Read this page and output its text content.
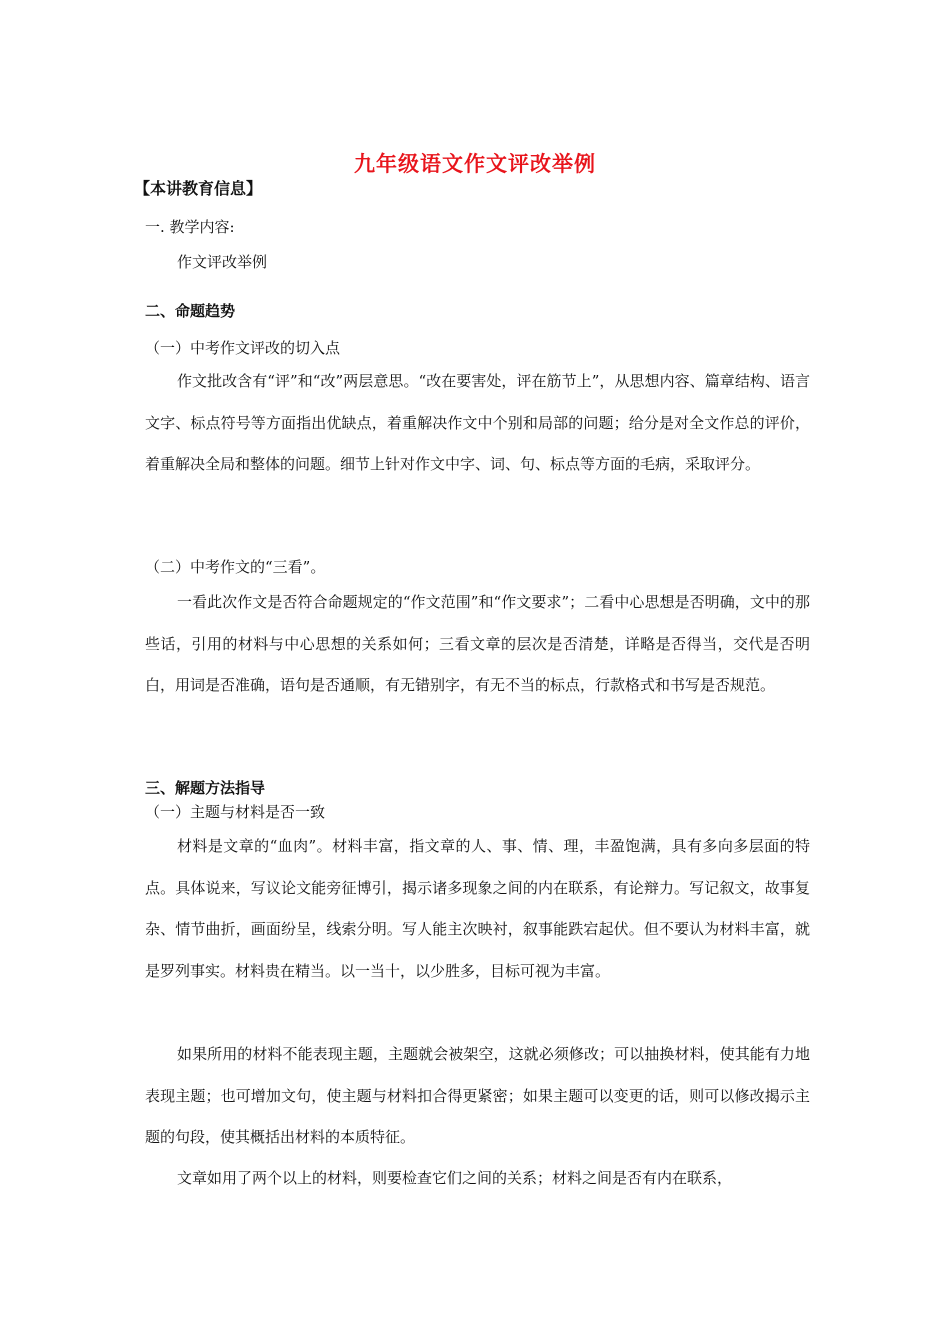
九年级语文作文评改举例
【本讲教育信息】
一. 教学内容:
作文评改举例
二、命题趋势
（一）中考作文评改的切入点
作文批改含有“评”和“改”两层意思。“改在要害处，评在筋节上”，从思想内容、篇章结构、语言文字、标点符号等方面指出优缺点，着重解决作文中个别和局部的问题；给分是对全文作总的评价，着重解决全局和整体的问题。细节上针对作文中字、词、句、标点等方面的毛病，采取评分。
（二）中考作文的“三看”。
一看此次作文是否符合命题规定的“作文范围”和“作文要求”；二看中心思想是否明确，文中的那些话，引用的材料与中心思想的关系如何；三看文章的层次是否清楚，详略是否得当，交代是否明白，用词是否准确，语句是否通顺，有无错别字，有无不当的标点，行款格式和书写是否规范。
三、解题方法指导
（一）主题与材料是否一致
材料是文章的“血肉”。材料丰富，指文章的人、事、情、理，丰盈饱满，具有多向多层面的特点。具体说来，写议论文能旁征博引，揭示诸多现象之间的内在联系，有论辩力。写记叙文，故事复杂、情节曲折，画面纷呈，线索分明。写人能主次映衬，叙事能跌宕起伏。但不要认为材料丰富，就是罗列事实。材料贵在精当。以一当十，以少胜多，目标可视为丰富。
如果所用的材料不能表现主题，主题就会被架空，这就必须修改；可以抽换材料，使其能有力地表现主题；也可增加文句，使主题与材料扣合得更紧密；如果主题可以变更的话，则可以修改揭示主题的句段，使其概括出材料的本质特征。
文章如用了两个以上的材料，则要检查它们之间的关系；材料之间是否有内在联系，
